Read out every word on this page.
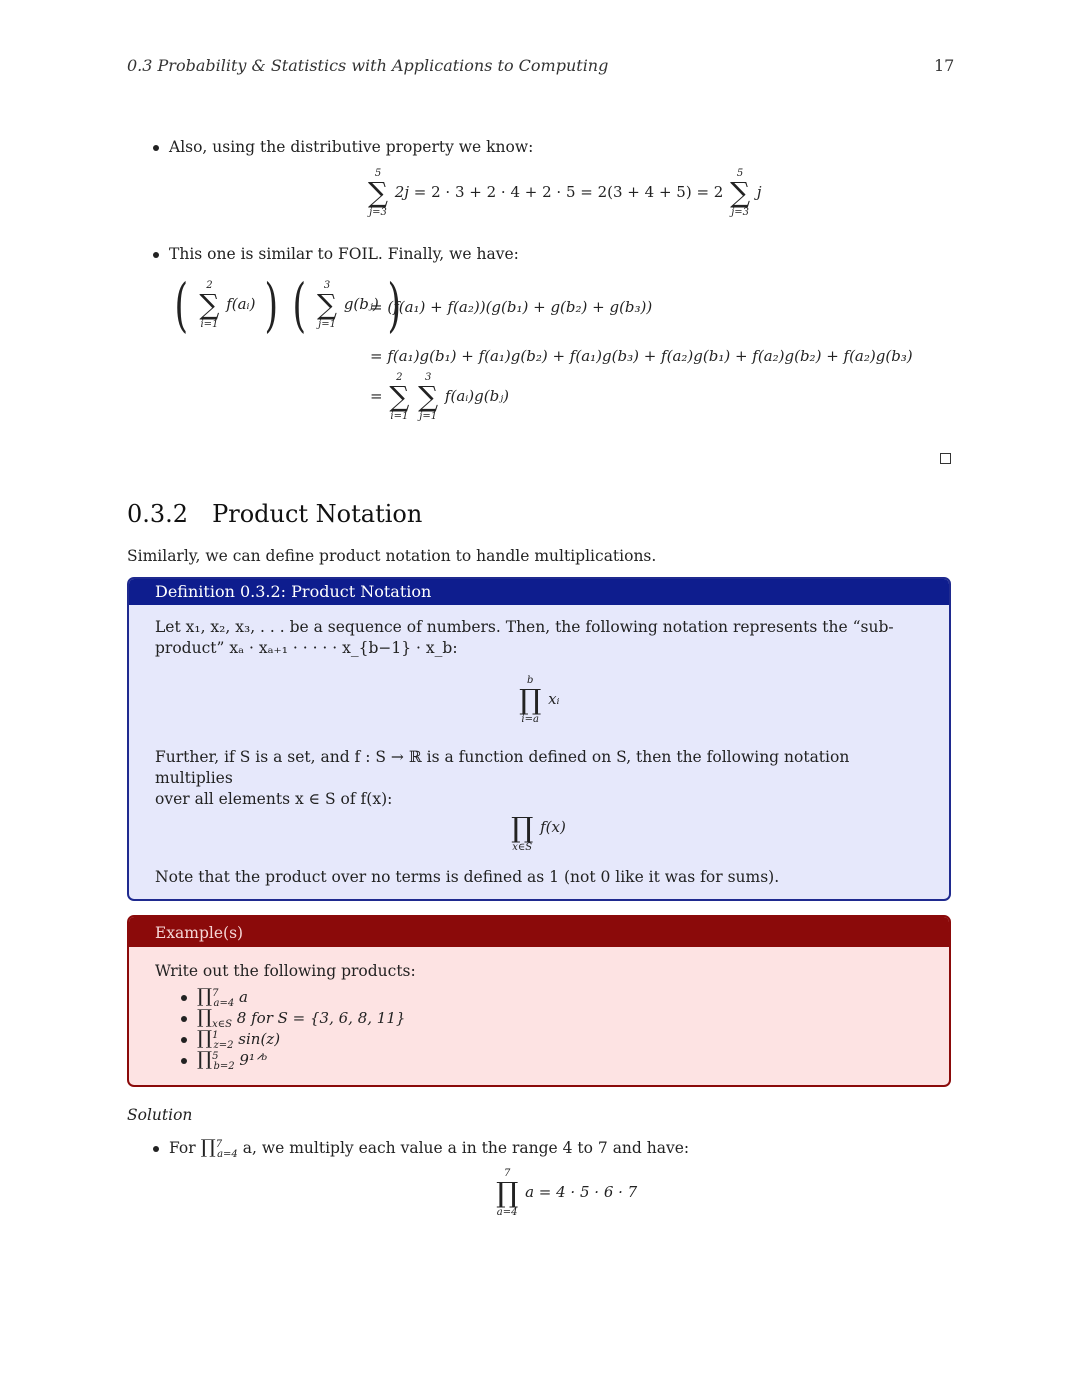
0.3 Probability & Statistics with Applications to Computing	17
Also, using the distributive property we know:
5
∑
j=3
2j = 2 · 3 + 2 · 4 + 2 · 5 = 2(3 + 4 + 5) = 2
5
∑
j=3
j
This one is similar to FOIL. Finally, we have:
( 2
∑
i=1
f(aᵢ) ) ( 3
∑
j=1
g(bⱼ) )
= (f(a₁) + f(a₂))(g(b₁) + g(b₂) + g(b₃))
= f(a₁)g(b₁) + f(a₁)g(b₂) + f(a₁)g(b₃) + f(a₂)g(b₁) + f(a₂)g(b₂) + f(a₂)g(b₃)
=
2
∑
i=1

3
∑
j=1
f(aᵢ)g(bⱼ)
0.3.2 Product Notation
Similarly, we can define product notation to handle multiplications.
Definition 0.3.2: Product Notation
Let x₁, x₂, x₃, . . . be a sequence of numbers. Then, the following notation represents the “sub-
product” xₐ · xₐ₊₁ · · · · · x_{b−1} · x_b:
b
∏
i=a
xᵢ
Further, if S is a set, and f : S → ℝ is a function defined on S, then the following notation multiplies
over all elements x ∈ S of f(x):

∏
x∈S
f(x)
Note that the product over no terms is defined as 1 (not 0 like it was for sums).
Example(s)
Write out the following products:
∏$^7_{a=4}$ a
$\prod_{x\in S}$ 8 for S = {3, 6, 8, 11}
∏$^1_{z=2}$ sin(z)
∏$^5_{b=2}$ 9¹ᐟᵇ
Solution
For ∏$^7_{a=4}$ a, we multiply each value a in the range 4 to 7 and have:
7
∏
a=4
a = 4 · 5 · 6 · 7
